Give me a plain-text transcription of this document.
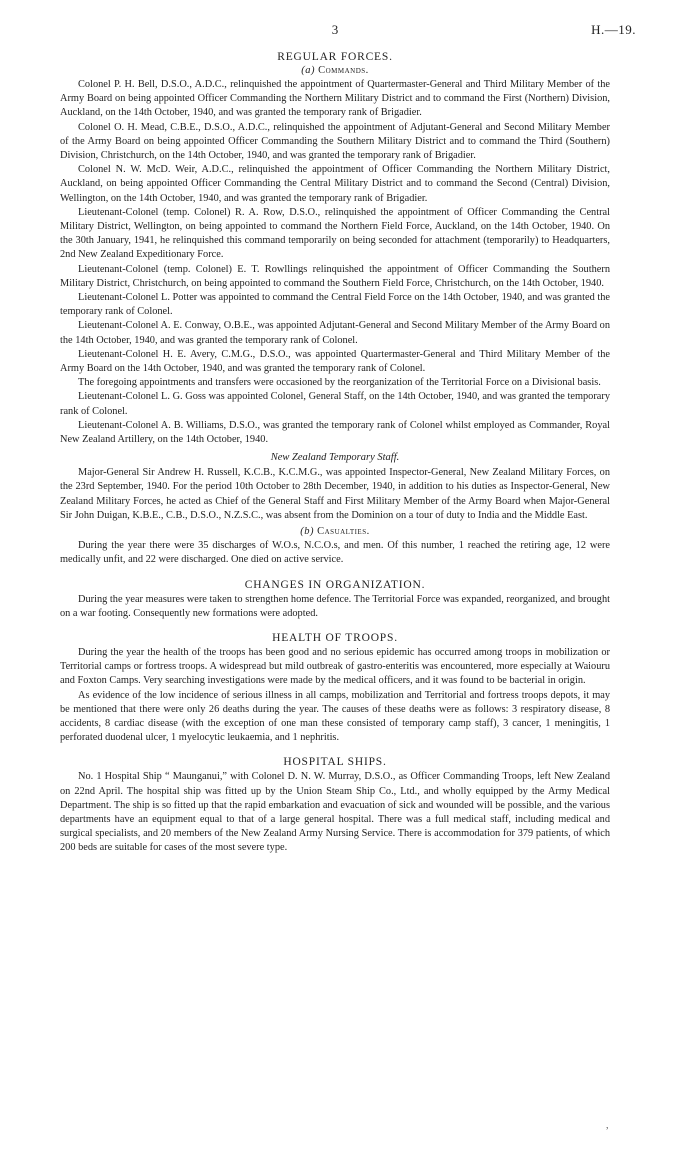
3	H.—19.
REGULAR FORCES.
(a) Commands.

Colonel P. H. Bell, D.S.O., A.D.C., relinquished the appointment of Quartermaster-General and Third Military Member of the Army Board on being appointed Officer Commanding the Northern Military District and to command the First (Northern) Division, Auckland, on the 14th October, 1940, and was granted the temporary rank of Brigadier.

Colonel O. H. Mead, C.B.E., D.S.O., A.D.C., relinquished the appointment of Adjutant-General and Second Military Member of the Army Board on being appointed Officer Commanding the Southern Military District and to command the Third (Southern) Division, Christchurch, on the 14th October, 1940, and was granted the temporary rank of Brigadier.

Colonel N. W. McD. Weir, A.D.C., relinquished the appointment of Officer Commanding the Northern Military District, Auckland, on being appointed Officer Commanding the Central Military District and to command the Second (Central) Division, Wellington, on the 14th October, 1940, and was granted the temporary rank of Brigadier.

Lieutenant-Colonel (temp. Colonel) R. A. Row, D.S.O., relinquished the appointment of Officer Commanding the Central Military District, Wellington, on being appointed to command the Northern Field Force, Auckland, on the 14th October, 1940. On the 30th January, 1941, he relinquished this command temporarily on being seconded for attachment (temporarily) to Headquarters, 2nd New Zealand Expeditionary Force.

Lieutenant-Colonel (temp. Colonel) E. T. Rowllings relinquished the appointment of Officer Commanding the Southern Military District, Christchurch, on being appointed to command the Southern Field Force, Christchurch, on the 14th October, 1940.

Lieutenant-Colonel L. Potter was appointed to command the Central Field Force on the 14th October, 1940, and was granted the temporary rank of Colonel.

Lieutenant-Colonel A. E. Conway, O.B.E., was appointed Adjutant-General and Second Military Member of the Army Board on the 14th October, 1940, and was granted the temporary rank of Colonel.

Lieutenant-Colonel H. E. Avery, C.M.G., D.S.O., was appointed Quartermaster-General and Third Military Member of the Army Board on the 14th October, 1940, and was granted the temporary rank of Colonel.

The foregoing appointments and transfers were occasioned by the reorganization of the Territorial Force on a Divisional basis.

Lieutenant-Colonel L. G. Goss was appointed Colonel, General Staff, on the 14th October, 1940, and was granted the temporary rank of Colonel.

Lieutenant-Colonel A. B. Williams, D.S.O., was granted the temporary rank of Colonel whilst employed as Commander, Royal New Zealand Artillery, on the 14th October, 1940.

New Zealand Temporary Staff.

Major-General Sir Andrew H. Russell, K.C.B., K.C.M.G., was appointed Inspector-General, New Zealand Military Forces, on the 23rd September, 1940. For the period 10th October to 28th December, 1940, in addition to his duties as Inspector-General, New Zealand Military Forces, he acted as Chief of the General Staff and First Military Member of the Army Board when Major-General Sir John Duigan, K.B.E., C.B., D.S.O., N.Z.S.C., was absent from the Dominion on a tour of duty to India and the Middle East.

(b) Casualties.

During the year there were 35 discharges of W.O.s, N.C.O.s, and men. Of this number, 1 reached the retiring age, 12 were medically unfit, and 22 were discharged. One died on active service.

CHANGES IN ORGANIZATION.

During the year measures were taken to strengthen home defence. The Territorial Force was expanded, reorganized, and brought on a war footing. Consequently new formations were adopted.

HEALTH OF TROOPS.

During the year the health of the troops has been good and no serious epidemic has occurred among troops in mobilization or Territorial camps or fortress troops. A widespread but mild outbreak of gastro-enteritis was encountered, more especially at Waiouru and Foxton Camps. Very searching investigations were made by the medical officers, and it was found to be bacterial in origin.

As evidence of the low incidence of serious illness in all camps, mobilization and Territorial and fortress troops depots, it may be mentioned that there were only 26 deaths during the year. The causes of these deaths were as follows: 3 respiratory disease, 8 accidents, 8 cardiac disease (with the exception of one man these consisted of temporary camp staff), 3 cancer, 1 meningitis, 1 perforated duodenal ulcer, 1 myelocytic leukaemia, and 1 nephritis.

HOSPITAL SHIPS.

No. 1 Hospital Ship “ Maunganui,” with Colonel D. N. W. Murray, D.S.O., as Officer Commanding Troops, left New Zealand on 22nd April. The hospital ship was fitted up by the Union Steam Ship Co., Ltd., and wholly equipped by the Army Medical Department. The ship is so fitted up that the rapid embarkation and evacuation of sick and wounded will be possible, and the various departments have an equipment equal to that of a large general hospital. There was a full medical staff, including medical and surgical specialists, and 20 members of the New Zealand Army Nursing Service. There is accommodation for 379 patients, of which 200 beds are suitable for cases of the most severe type.

,
